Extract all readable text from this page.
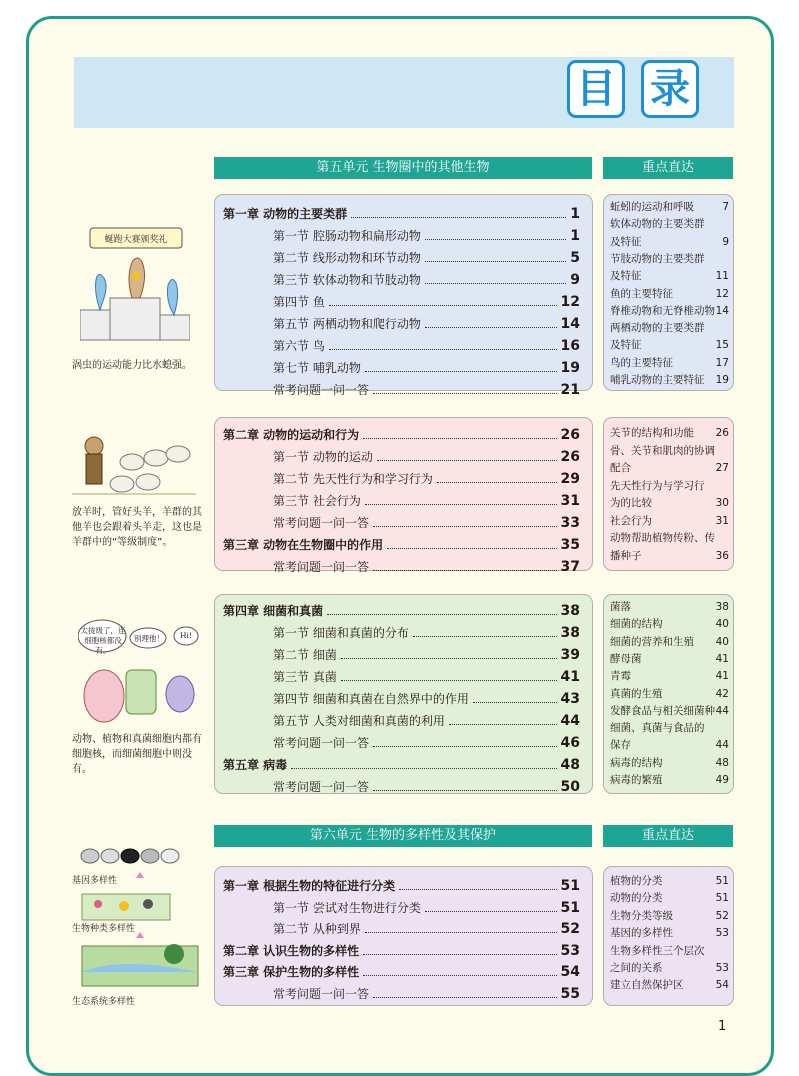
目 录
第五单元 生物圈中的其他生物	重点直达
第六单元 生物的多样性及其保护	重点直达
第一章 动物的主要类群	1
第一节 腔肠动物和扁形动物	1
第二节 线形动物和环节动物	5
第三节 软体动物和节肢动物	9
第四节 鱼	12
第五节 两栖动物和爬行动物	14
第六节 鸟	16
第七节 哺乳动物	19
常考问题一问一答	21
蚯蚓的运动和呼吸	7
软体动物的主要类群
及特征	9
节肢动物的主要类群
及特征	11
鱼的主要特征	12
脊椎动物和无脊椎动物 14
两栖动物的主要类群
及特征	15
鸟的主要特征	17
哺乳动物的主要特征 19
第二章 动物的运动和行为	26
第一节 动物的运动	26
第二节 先天性行为和学习行为	29
第三节 社会行为	31
常考问题一问一答	33
第三章 动物在生物圈中的作用	35
常考问题一问一答	37
关节的结构和功能 26
骨、关节和肌肉的协调
配合	27
先天性行为与学习行
为的比较	30
社会行为	31
动物帮助植物传粉、传
播种子	36
第四章 细菌和真菌	38
第一节 细菌和真菌的分布	38
第二节 细菌	39
第三节 真菌	41
第四节 细菌和真菌在自然界中的作用	43
第五节 人类对细菌和真菌的利用	44
常考问题一问一答	46
第五章 病毒	48
常考问题一问一答	50
菌落	38
细菌的结构	40
细菌的营养和生殖 40
酵母菌	41
青霉	41
真菌的生殖	42
发酵食品与相关细菌种 44
细菌、真菌与食品的
保存	44
病毒的结构	48
病毒的繁殖	49
第一章 根据生物的特征进行分类	51
第一节 尝试对生物进行分类	51
第二节 从种到界	52
第二章 认识生物的多样性	53
第三章 保护生物的多样性	54
常考问题一问一答	55
植物的分类	51
动物的分类	51
生物分类等级	52
基因的多样性	53
生物多样性三个层次
之间的关系	53
建立自然保护区	54
蜒跑大赛颁奖礼
涡虫的运动能力比水螅强。
放羊时，管好头羊，羊群的其他羊也会跟着头羊走，这也是羊群中的“等级制度”。
太拢级了，连细胞核都没有。
别理他！	Hi!
动物、植物和真菌细胞内都有细胞核，而细菌细胞中则没有。
基因多样性
生物种类多样性
生态系统多样性
1
